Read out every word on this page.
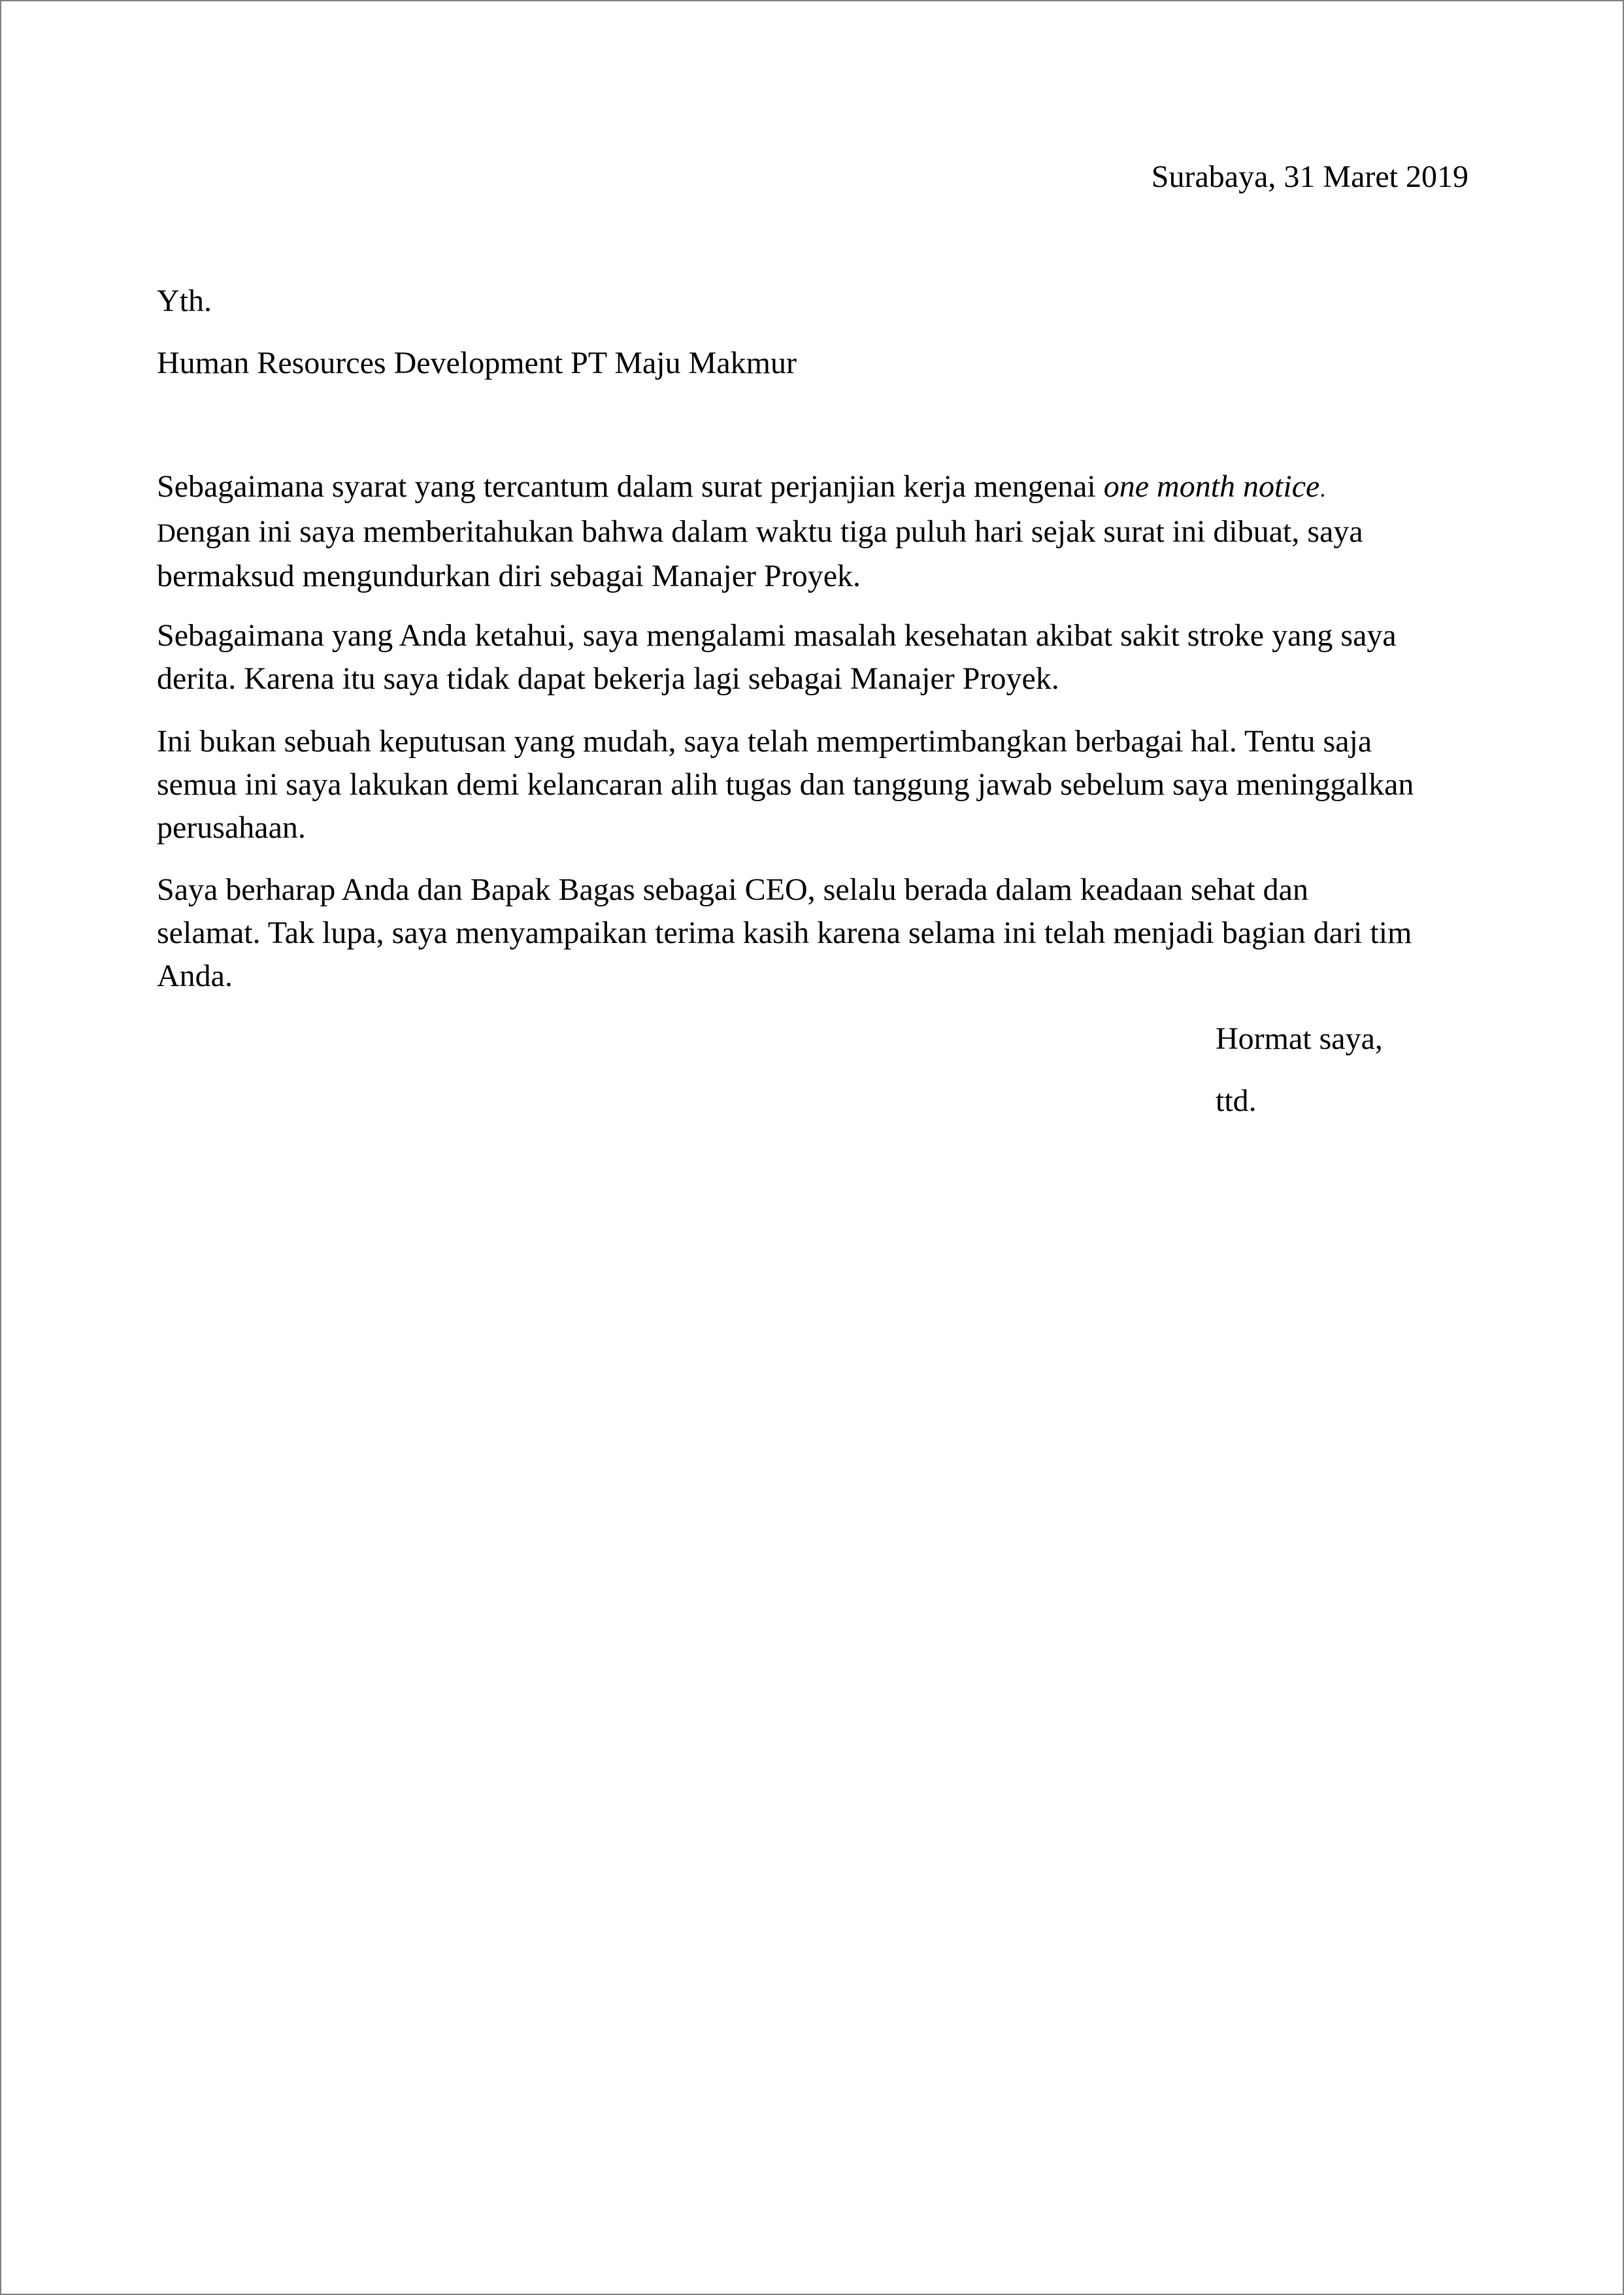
Surabaya, 31 Maret 2019
Yth.
Human Resources Development PT Maju Makmur
Sebagaimana syarat yang tercantum dalam surat perjanjian kerja mengenai one month notice.
Dengan ini saya memberitahukan bahwa dalam waktu tiga puluh hari sejak surat ini dibuat, saya
bermaksud mengundurkan diri sebagai Manajer Proyek.
Sebagaimana yang Anda ketahui, saya mengalami masalah kesehatan akibat sakit stroke yang saya
derita. Karena itu saya tidak dapat bekerja lagi sebagai Manajer Proyek.
Ini bukan sebuah keputusan yang mudah, saya telah mempertimbangkan berbagai hal. Tentu saja
semua ini saya lakukan demi kelancaran alih tugas dan tanggung jawab sebelum saya meninggalkan
perusahaan.
Saya berharap Anda dan Bapak Bagas sebagai CEO, selalu berada dalam keadaan sehat dan
selamat. Tak lupa, saya menyampaikan terima kasih karena selama ini telah menjadi bagian dari tim
Anda.
Hormat saya,
ttd.
